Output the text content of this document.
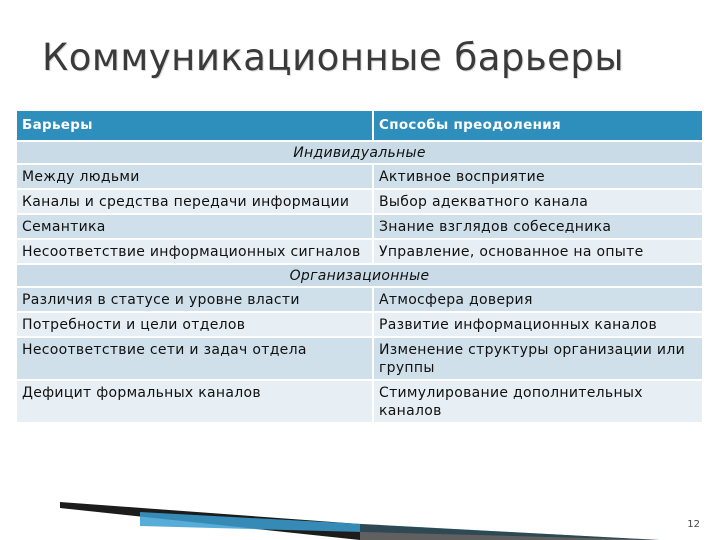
Коммуникационные барьеры
Барьеры	Способы преодоления
Индивидуальные	
Между людьми	Активное восприятие
Каналы и средства передачи информации	Выбор адекватного канала
Семантика	Знание взглядов собеседника
Несоответствие информационных сигналов	Управление, основанное на опыте
Организационные	
Различия в статусе и уровне власти	Атмосфера доверия
Потребности и цели отделов	Развитие информационных каналов
Несоответствие сети и задач отдела	Изменение структуры организации или группы
Дефицит формальных каналов	Стимулирование дополнительных каналов
12
